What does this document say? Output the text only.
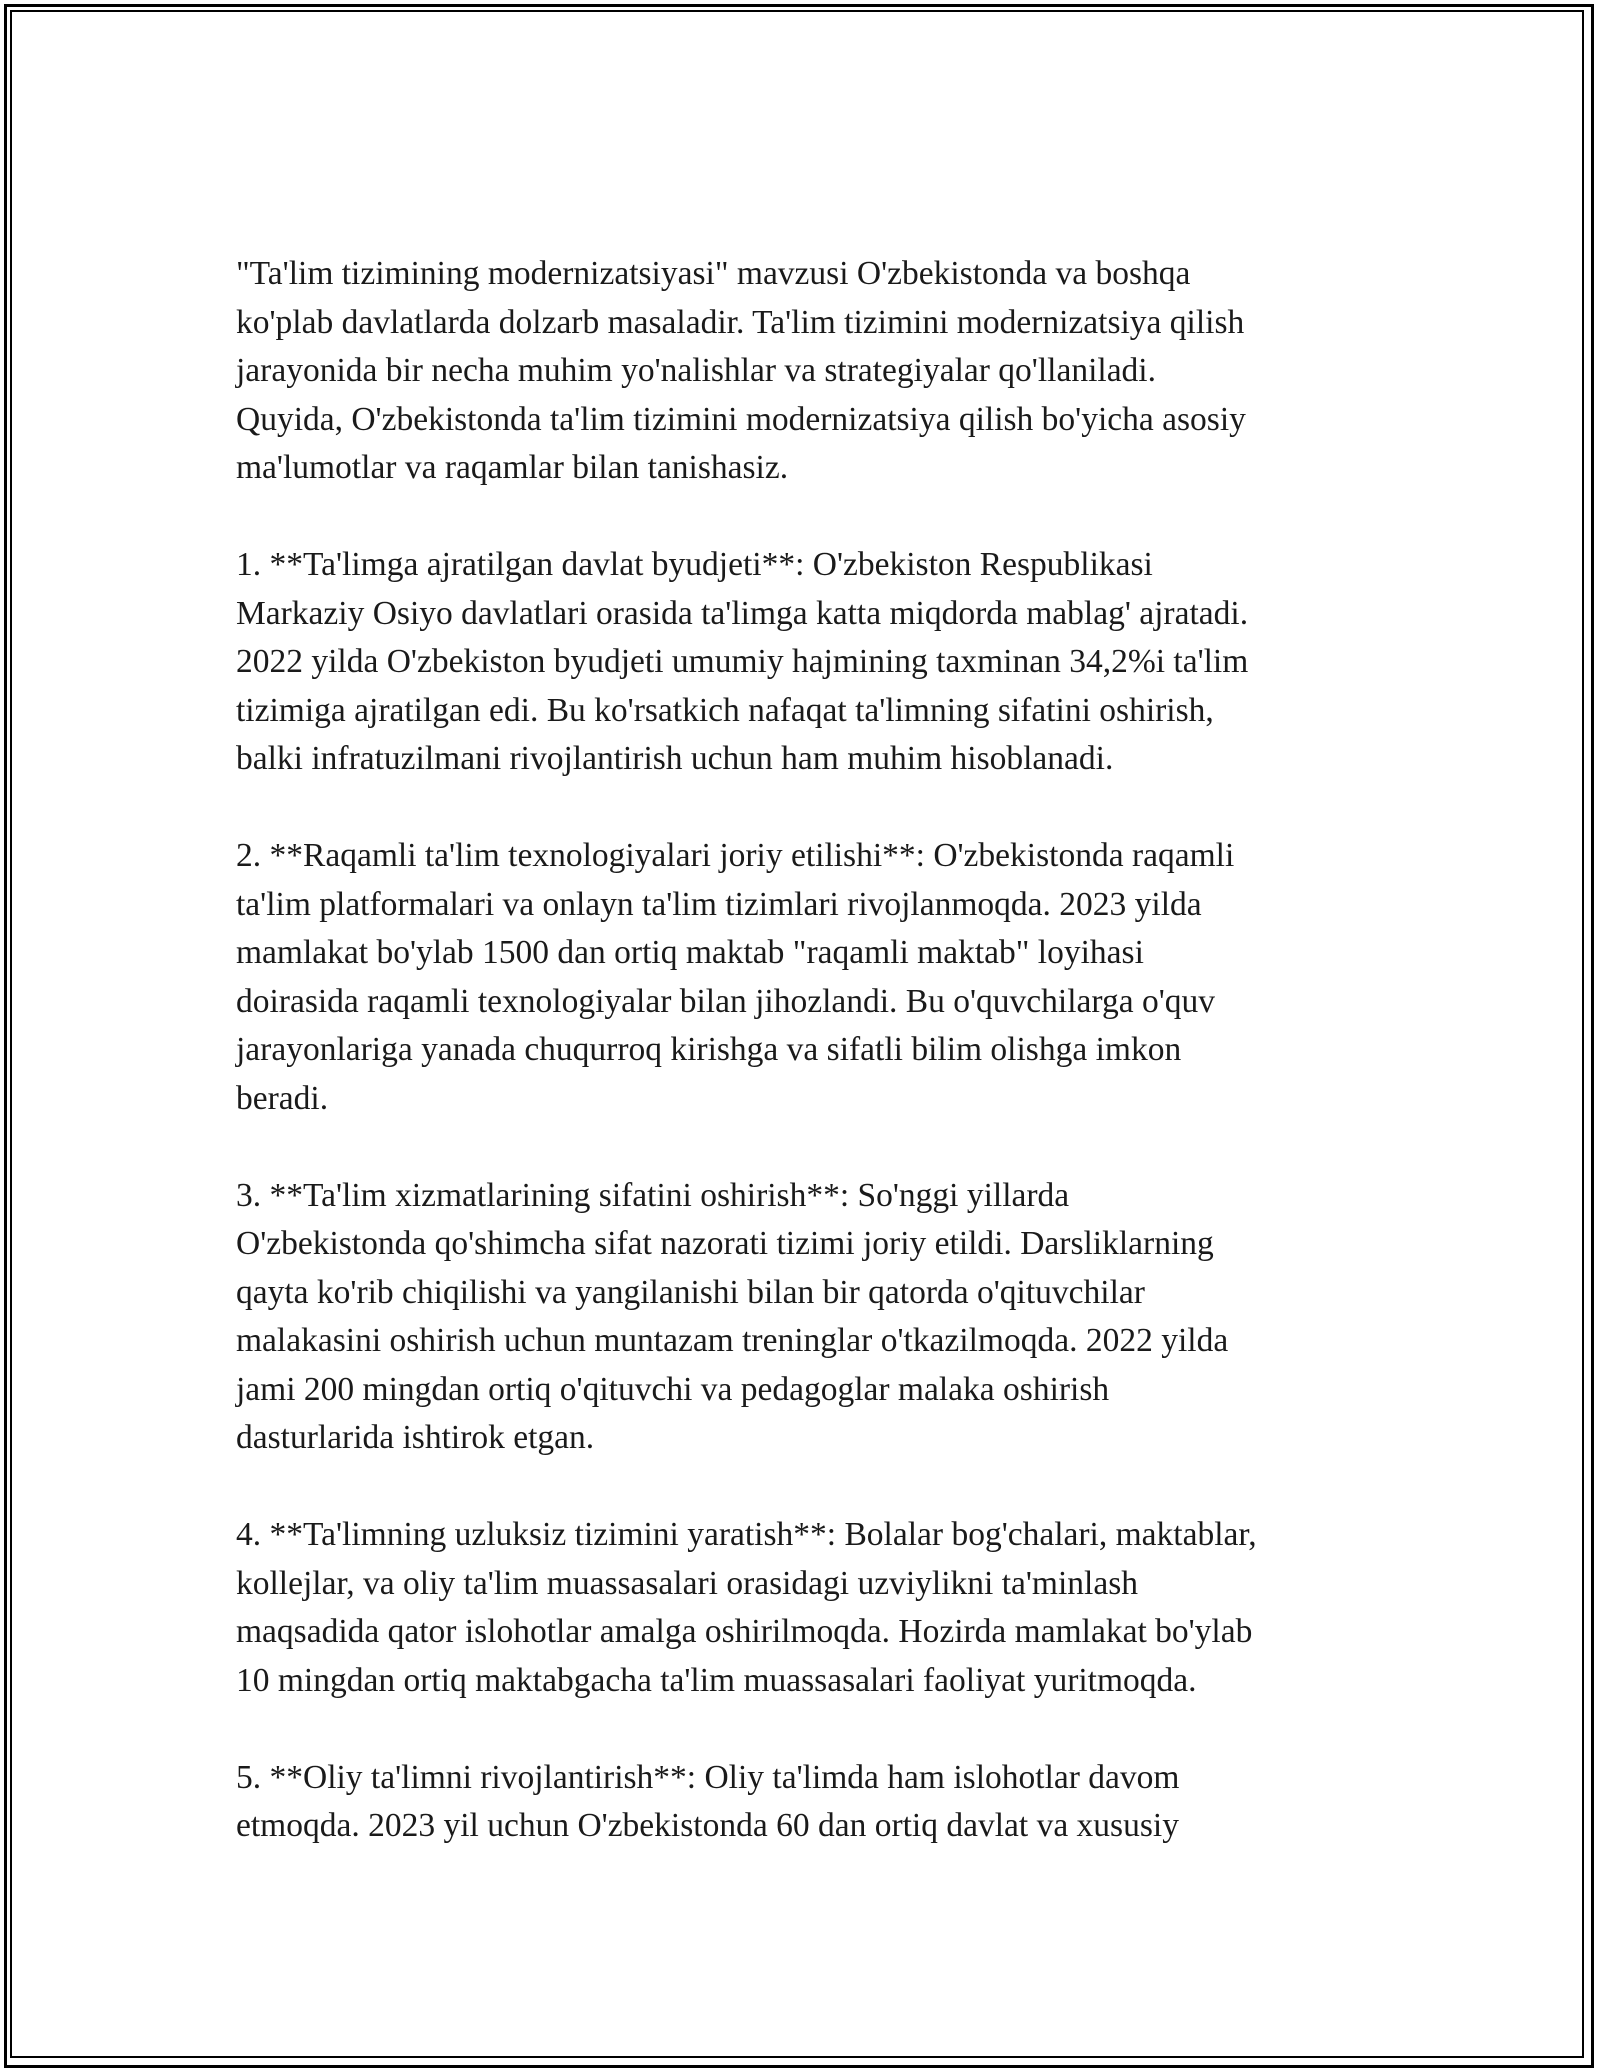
"Ta'lim tizimining modernizatsiyasi" mavzusi O'zbekistonda va boshqa
ko'plab davlatlarda dolzarb masaladir. Ta'lim tizimini modernizatsiya qilish
jarayonida bir necha muhim yo'nalishlar va strategiyalar qo'llaniladi.
Quyida, O'zbekistonda ta'lim tizimini modernizatsiya qilish bo'yicha asosiy
ma'lumotlar va raqamlar bilan tanishasiz.

1. **Ta'limga ajratilgan davlat byudjeti**: O'zbekiston Respublikasi
Markaziy Osiyo davlatlari orasida ta'limga katta miqdorda mablag' ajratadi.
2022 yilda O'zbekiston byudjeti umumiy hajmining taxminan 34,2%i ta'lim
tizimiga ajratilgan edi. Bu ko'rsatkich nafaqat ta'limning sifatini oshirish,
balki infratuzilmani rivojlantirish uchun ham muhim hisoblanadi.

2. **Raqamli ta'lim texnologiyalari joriy etilishi**: O'zbekistonda raqamli
ta'lim platformalari va onlayn ta'lim tizimlari rivojlanmoqda. 2023 yilda
mamlakat bo'ylab 1500 dan ortiq maktab "raqamli maktab" loyihasi
doirasida raqamli texnologiyalar bilan jihozlandi. Bu o'quvchilarga o'quv
jarayonlariga yanada chuqurroq kirishga va sifatli bilim olishga imkon
beradi.

3. **Ta'lim xizmatlarining sifatini oshirish**: So'nggi yillarda
O'zbekistonda qo'shimcha sifat nazorati tizimi joriy etildi. Darsliklarning
qayta ko'rib chiqilishi va yangilanishi bilan bir qatorda o'qituvchilar
malakasini oshirish uchun muntazam treninglar o'tkazilmoqda. 2022 yilda
jami 200 mingdan ortiq o'qituvchi va pedagoglar malaka oshirish
dasturlarida ishtirok etgan.

4. **Ta'limning uzluksiz tizimini yaratish**: Bolalar bog'chalari, maktablar,
kollejlar, va oliy ta'lim muassasalari orasidagi uzviylikni ta'minlash
maqsadida qator islohotlar amalga oshirilmoqda. Hozirda mamlakat bo'ylab
10 mingdan ortiq maktabgacha ta'lim muassasalari faoliyat yuritmoqda.

5. **Oliy ta'limni rivojlantirish**: Oliy ta'limda ham islohotlar davom
etmoqda. 2023 yil uchun O'zbekistonda 60 dan ortiq davlat va xususiy
